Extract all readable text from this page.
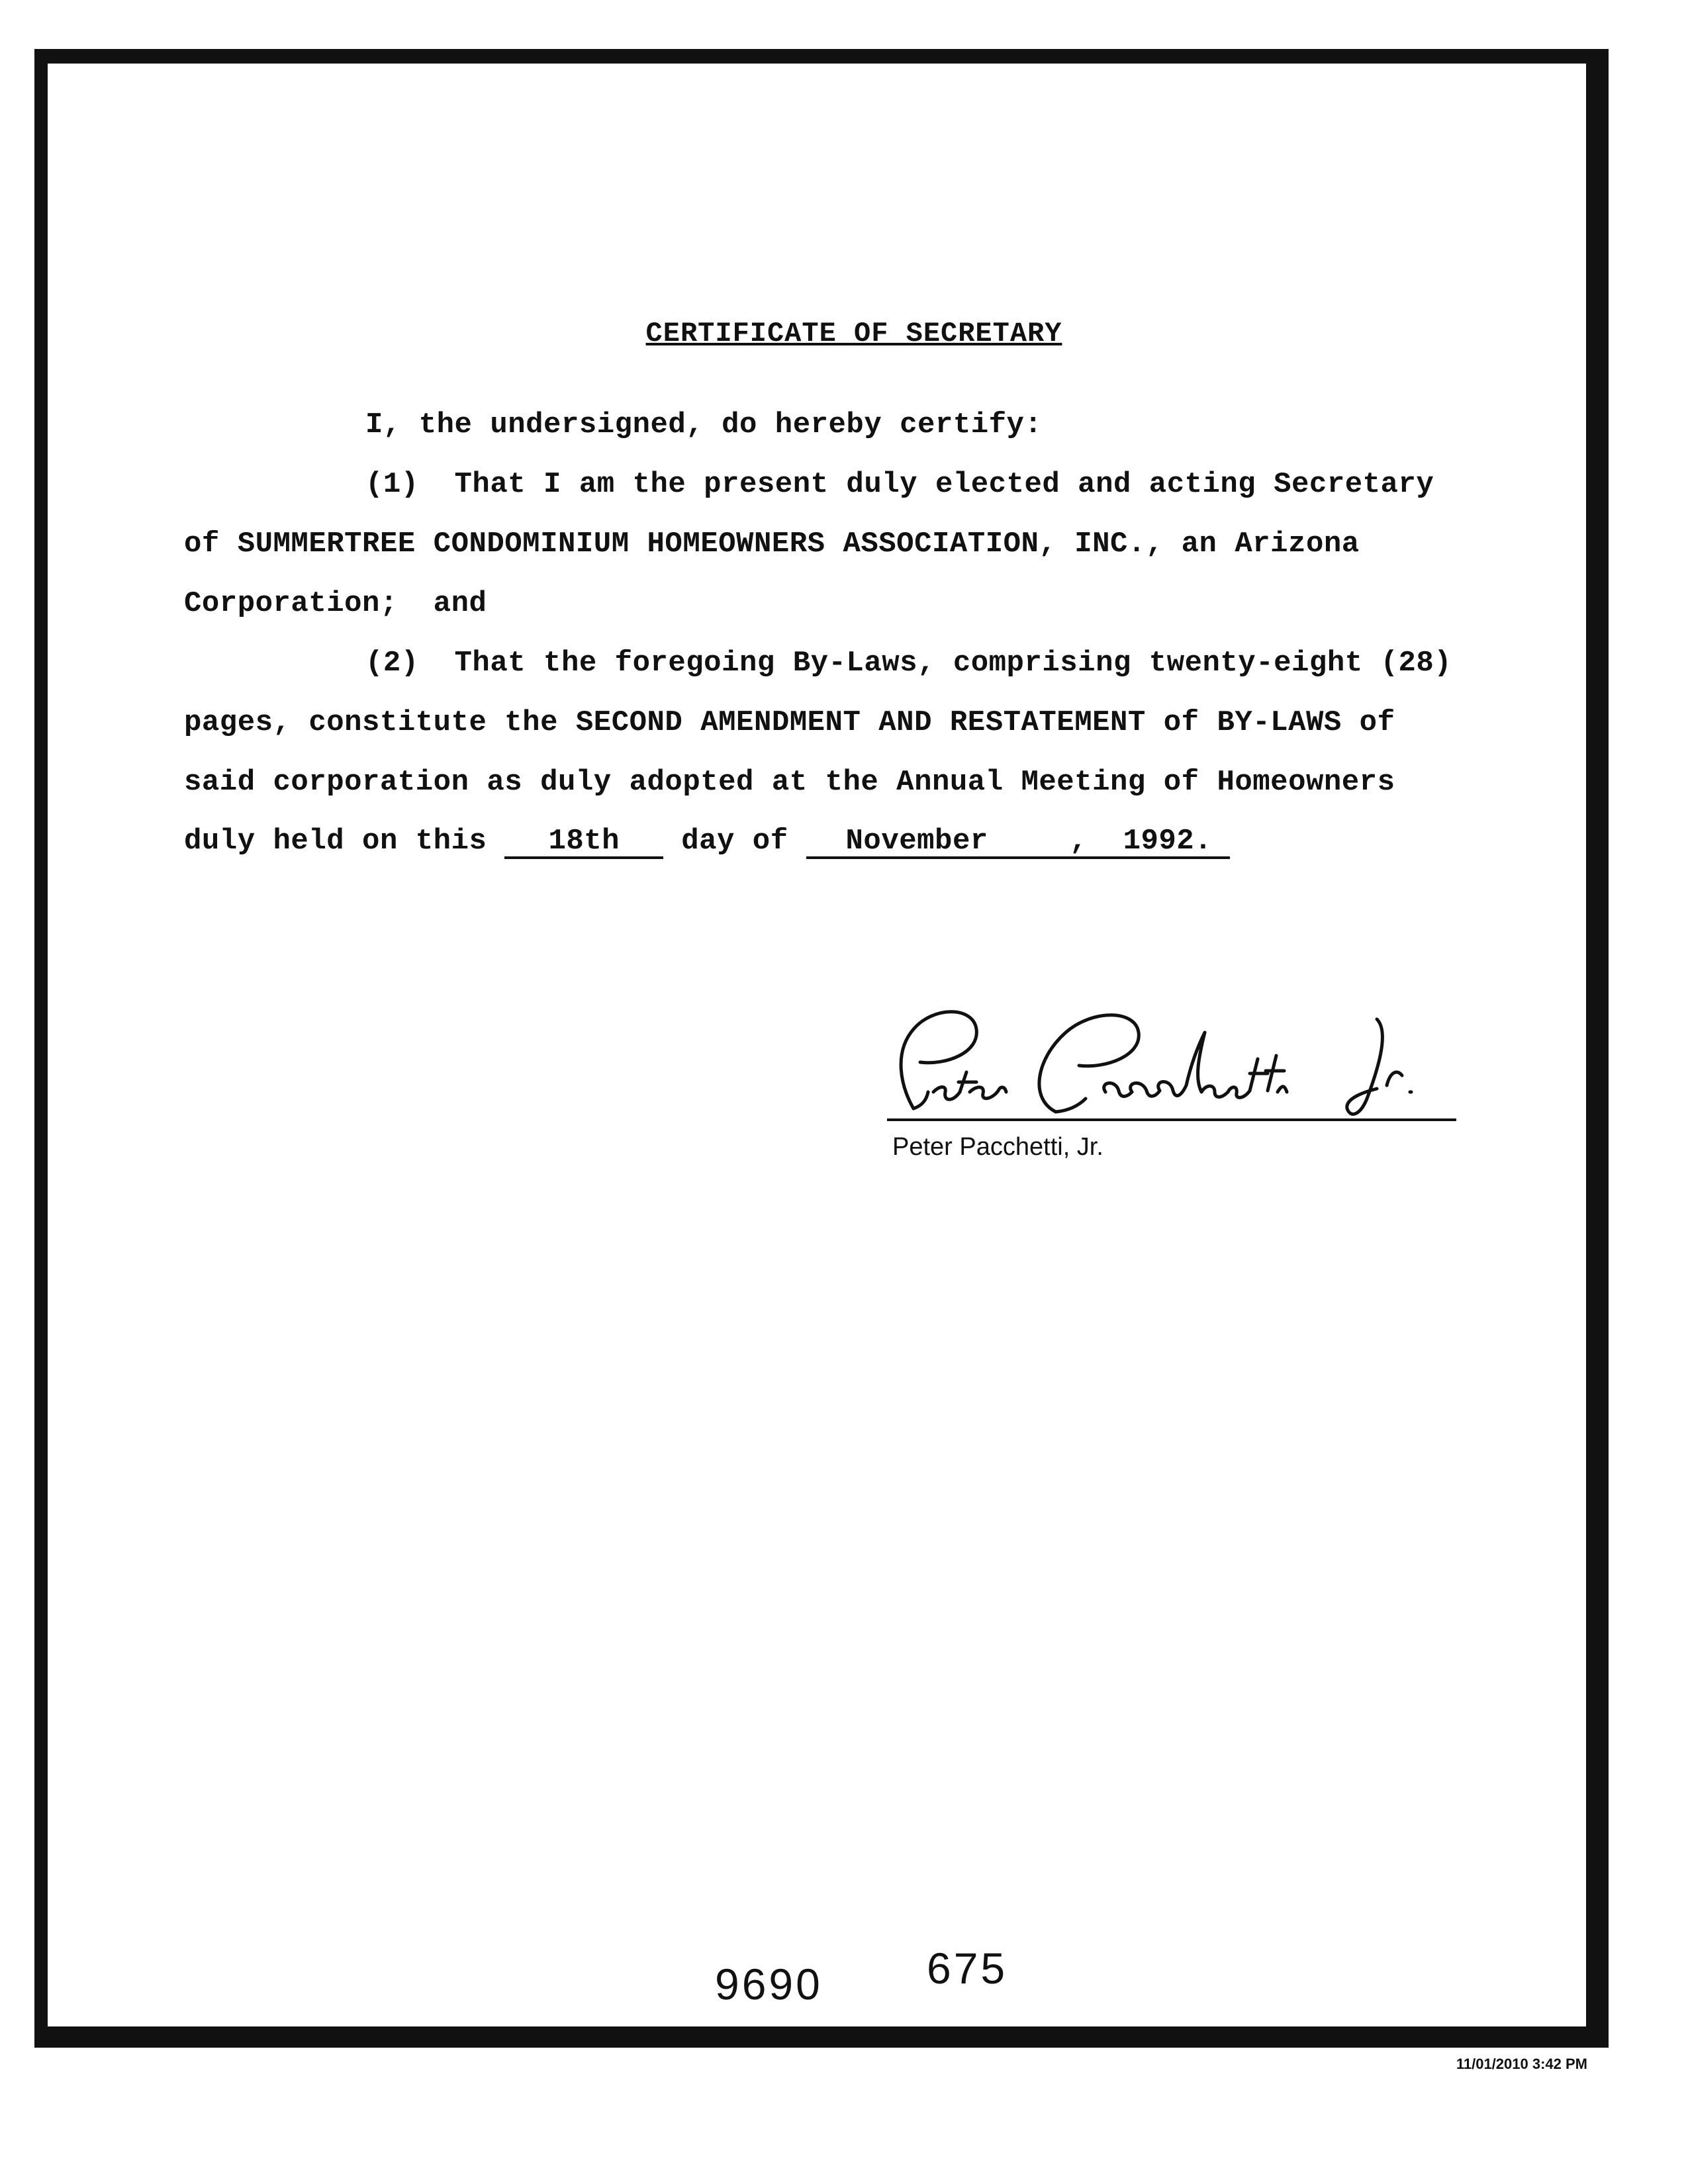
CERTIFICATE OF SECRETARY
I, the undersigned, do hereby certify:
(1)  That I am the present duly elected and acting Secretary
of SUMMERTREE CONDOMINIUM HOMEOWNERS ASSOCIATION, INC., an Arizona
Corporation;  and
(2)  That the foregoing By-Laws, comprising twenty-eight (28)
pages, constitute the SECOND AMENDMENT AND RESTATEMENT of BY-LAWS of
said corporation as duly adopted at the Annual Meeting of Homeowners
duly held on this 18th day of November	, 1992.
Peter Pacchetti, Jr.
9690 675
11/01/2010 3:42 PM
